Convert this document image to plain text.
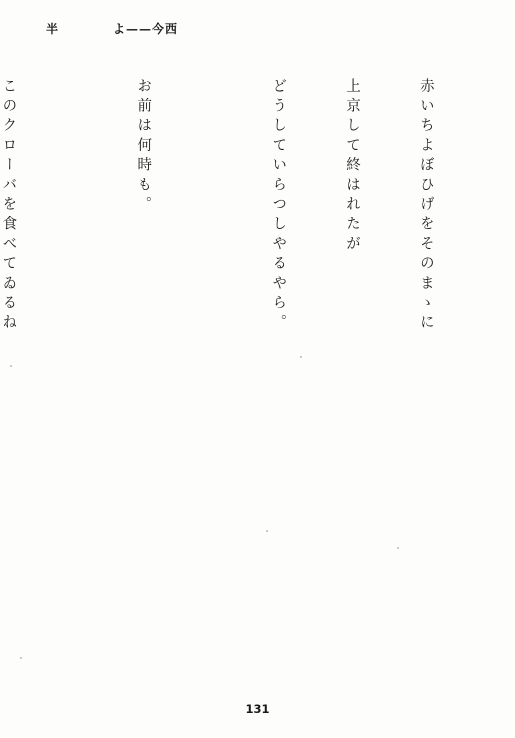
半	よ——今西

赤いちよぼひげをそのまゝに

上京して終はれたが

どうしていらつしやるやら。

お前は何時も。

このクローバを食べてゐるね

131
